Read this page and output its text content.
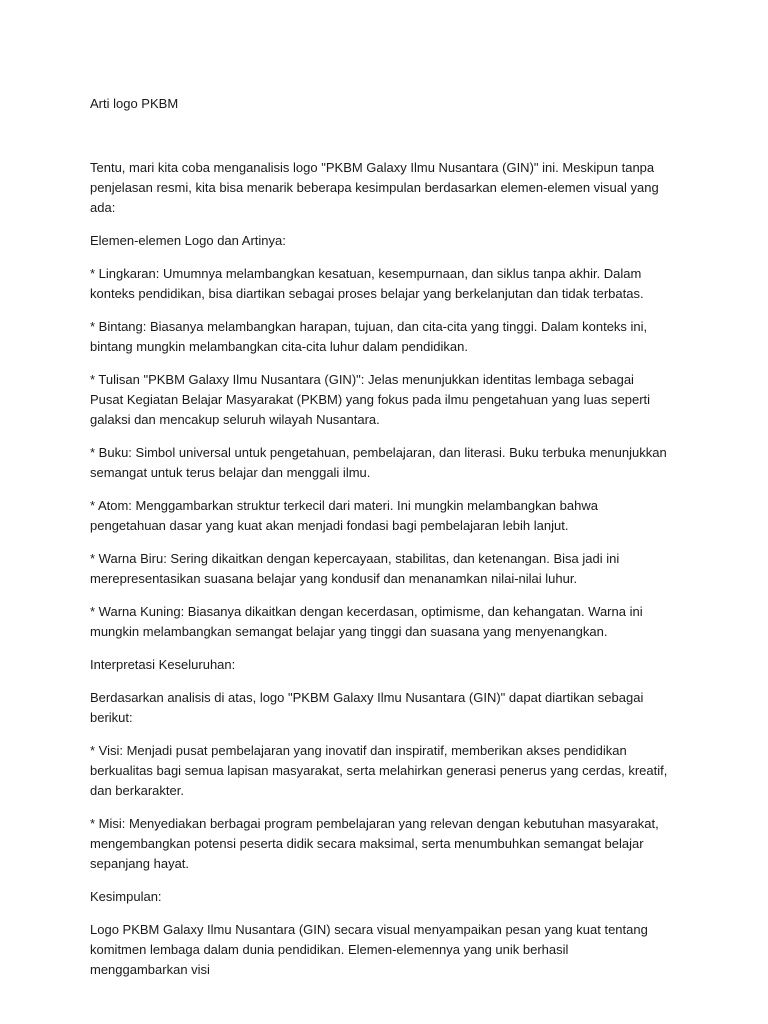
Arti logo PKBM

Tentu, mari kita coba menganalisis logo "PKBM Galaxy Ilmu Nusantara (GIN)" ini. Meskipun tanpa penjelasan resmi, kita bisa menarik beberapa kesimpulan berdasarkan elemen-elemen visual yang ada:

Elemen-elemen Logo dan Artinya:

* Lingkaran: Umumnya melambangkan kesatuan, kesempurnaan, dan siklus tanpa akhir. Dalam konteks pendidikan, bisa diartikan sebagai proses belajar yang berkelanjutan dan tidak terbatas.

* Bintang: Biasanya melambangkan harapan, tujuan, dan cita-cita yang tinggi. Dalam konteks ini, bintang mungkin melambangkan cita-cita luhur dalam pendidikan.

* Tulisan "PKBM Galaxy Ilmu Nusantara (GIN)": Jelas menunjukkan identitas lembaga sebagai Pusat Kegiatan Belajar Masyarakat (PKBM) yang fokus pada ilmu pengetahuan yang luas seperti galaksi dan mencakup seluruh wilayah Nusantara.

* Buku: Simbol universal untuk pengetahuan, pembelajaran, dan literasi. Buku terbuka menunjukkan semangat untuk terus belajar dan menggali ilmu.

* Atom: Menggambarkan struktur terkecil dari materi. Ini mungkin melambangkan bahwa pengetahuan dasar yang kuat akan menjadi fondasi bagi pembelajaran lebih lanjut.

* Warna Biru: Sering dikaitkan dengan kepercayaan, stabilitas, dan ketenangan. Bisa jadi ini merepresentasikan suasana belajar yang kondusif dan menanamkan nilai-nilai luhur.

* Warna Kuning: Biasanya dikaitkan dengan kecerdasan, optimisme, dan kehangatan. Warna ini mungkin melambangkan semangat belajar yang tinggi dan suasana yang menyenangkan.

Interpretasi Keseluruhan:

Berdasarkan analisis di atas, logo "PKBM Galaxy Ilmu Nusantara (GIN)" dapat diartikan sebagai berikut:

* Visi: Menjadi pusat pembelajaran yang inovatif dan inspiratif, memberikan akses pendidikan berkualitas bagi semua lapisan masyarakat, serta melahirkan generasi penerus yang cerdas, kreatif, dan berkarakter.

* Misi: Menyediakan berbagai program pembelajaran yang relevan dengan kebutuhan masyarakat, mengembangkan potensi peserta didik secara maksimal, serta menumbuhkan semangat belajar sepanjang hayat.

Kesimpulan:

Logo PKBM Galaxy Ilmu Nusantara (GIN) secara visual menyampaikan pesan yang kuat tentang komitmen lembaga dalam dunia pendidikan. Elemen-elemennya yang unik berhasil menggambarkan visi
